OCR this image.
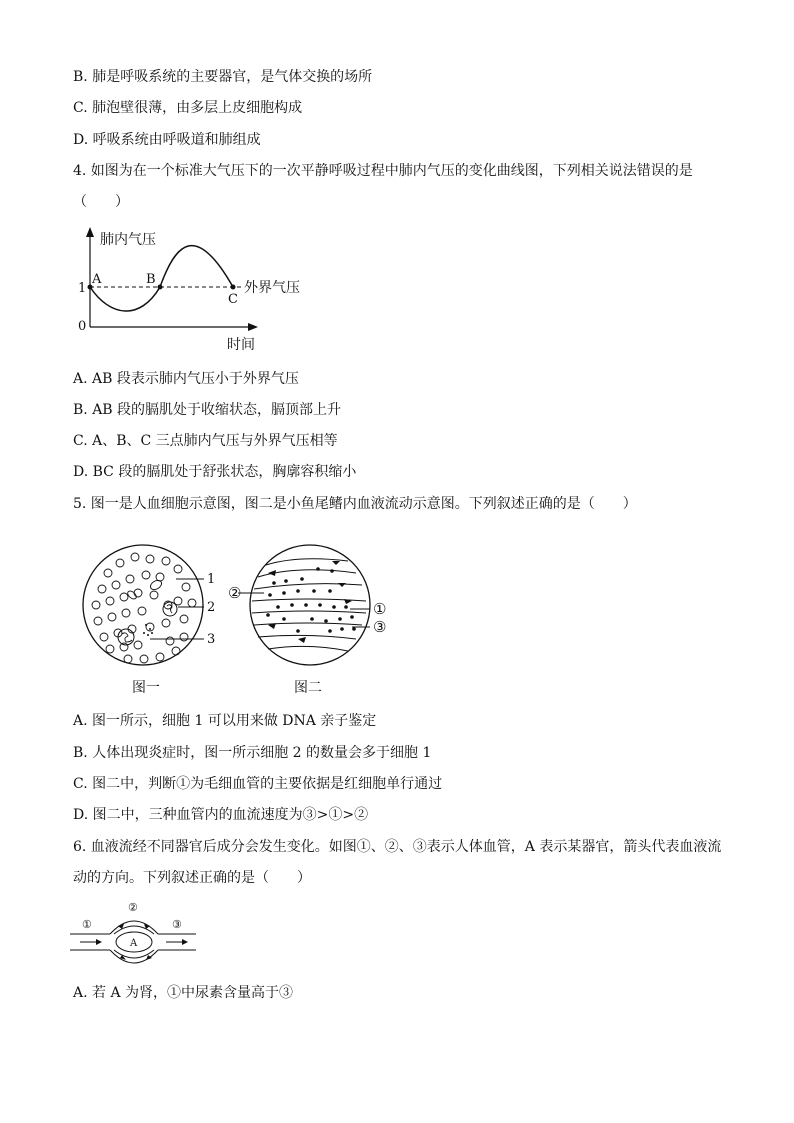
B. 肺是呼吸系统的主要器官，是气体交换的场所
C. 肺泡壁很薄，由多层上皮细胞构成
D. 呼吸系统由呼吸道和肺组成
4. 如图为在一个标准大气压下的一次平静呼吸过程中肺内气压的变化曲线图，下列相关说法错误的是
（　　）
肺内气压
时间
1
0
A	B
C
外界气压
A. AB 段表示肺内气压小于外界气压
B. AB 段的膈肌处于收缩状态，膈顶部上升
C. A、B、C 三点肺内气压与外界气压相等
D. BC 段的膈肌处于舒张状态，胸廓容积缩小
5. 图一是人血细胞示意图，图二是小鱼尾鳍内血液流动示意图。下列叙述正确的是（　　）
1
2
3
图一
②
①
③
图二
A. 图一所示，细胞 1 可以用来做 DNA 亲子鉴定
B. 人体出现炎症时，图一所示细胞 2 的数量会多于细胞 1
C. 图二中，判断①为毛细血管的主要依据是红细胞单行通过
D. 图二中，三种血管内的血流速度为③>①>②
6. 血液流经不同器官后成分会发生变化。如图①、②、③表示人体血管，A 表示某器官，箭头代表血液流
动的方向。下列叙述正确的是（　　）
①
②
③
A
A. 若 A 为肾，①中尿素含量高于③
